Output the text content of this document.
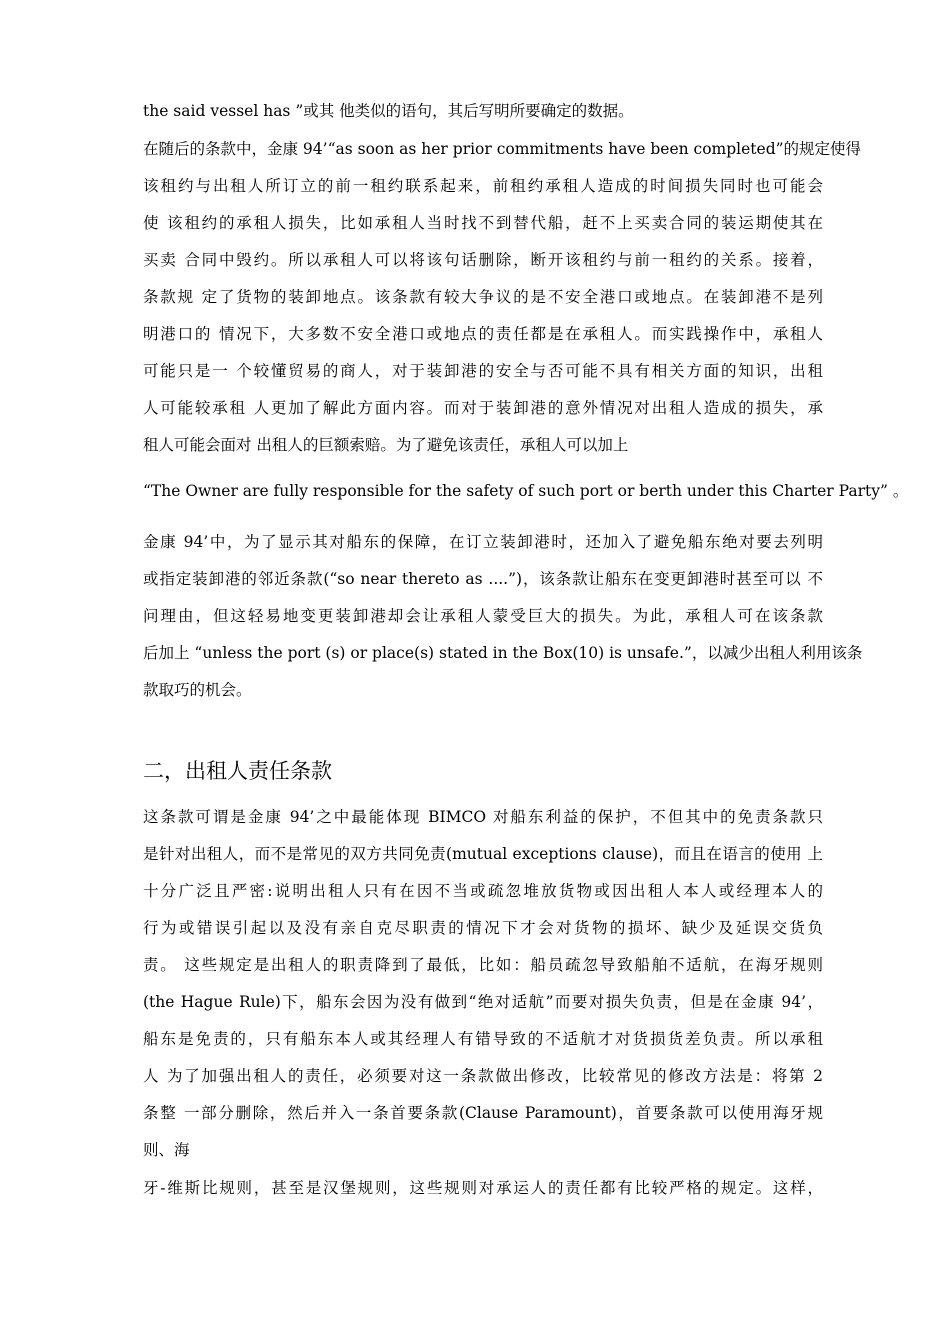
the said vessel has ”或其 他类似的语句，其后写明所要确定的数据。
在随后的条款中，金康 94’“as soon as her prior commitments have been completed”的规定使得
该租约与出租人所订立的前一租约联系起来，前租约承租人造成的时间损失同时也可能会
使 该租约的承租人损失，比如承租人当时找不到替代船，赶不上买卖合同的装运期使其在
买卖 合同中毁约。所以承租人可以将该句话删除，断开该租约与前一租约的关系。接着，
条款规 定了货物的装卸地点。该条款有较大争议的是不安全港口或地点。在装卸港不是列
明港口的 情况下，大多数不安全港口或地点的责任都是在承租人。而实践操作中，承租人
可能只是一 个较懂贸易的商人，对于装卸港的安全与否可能不具有相关方面的知识，出租
人可能较承租 人更加了解此方面内容。而对于装卸港的意外情况对出租人造成的损失，承
租人可能会面对 出租人的巨额索赔。为了避免该责任，承租人可以加上
“The Owner are fully responsible for the safety of such port or berth under this Charter Party” 。
金康 94’中，为了显示其对船东的保障，在订立装卸港时，还加入了避免船东绝对要去列明
或指定装卸港的邻近条款(“so near thereto as ....”)，该条款让船东在变更卸港时甚至可以 不
问理由，但这轻易地变更装卸港却会让承租人蒙受巨大的损失。为此，承租人可在该条款
后加上 “unless the port (s) or place(s) stated in the Box(10) is unsafe.”，以减少出租人利用该条
款取巧的机会。
二，出租人责任条款
这条款可谓是金康 94’之中最能体现 BIMCO 对船东利益的保护，不但其中的免责条款只
是针对出租人，而不是常见的双方共同免责(mutual exceptions clause)，而且在语言的使用 上
十分广泛且严密:说明出租人只有在因不当或疏忽堆放货物或因出租人本人或经理本人的
行为或错误引起以及没有亲自克尽职责的情况下才会对货物的损坏、缺少及延误交货负
责。 这些规定是出租人的职责降到了最低，比如：船员疏忽导致船舶不适航，在海牙规则
(the Hague Rule)下，船东会因为没有做到“绝对适航”而要对损失负责，但是在金康 94’，
船东是免责的，只有船东本人或其经理人有错导致的不适航才对货损货差负责。所以承租
人 为了加强出租人的责任，必须要对这一条款做出修改，比较常见的修改方法是：将第 2
条整 一部分删除，然后并入一条首要条款(Clause Paramount)，首要条款可以使用海牙规
则、海
牙-维斯比规则，甚至是汉堡规则，这些规则对承运人的责任都有比较严格的规定。这样，
